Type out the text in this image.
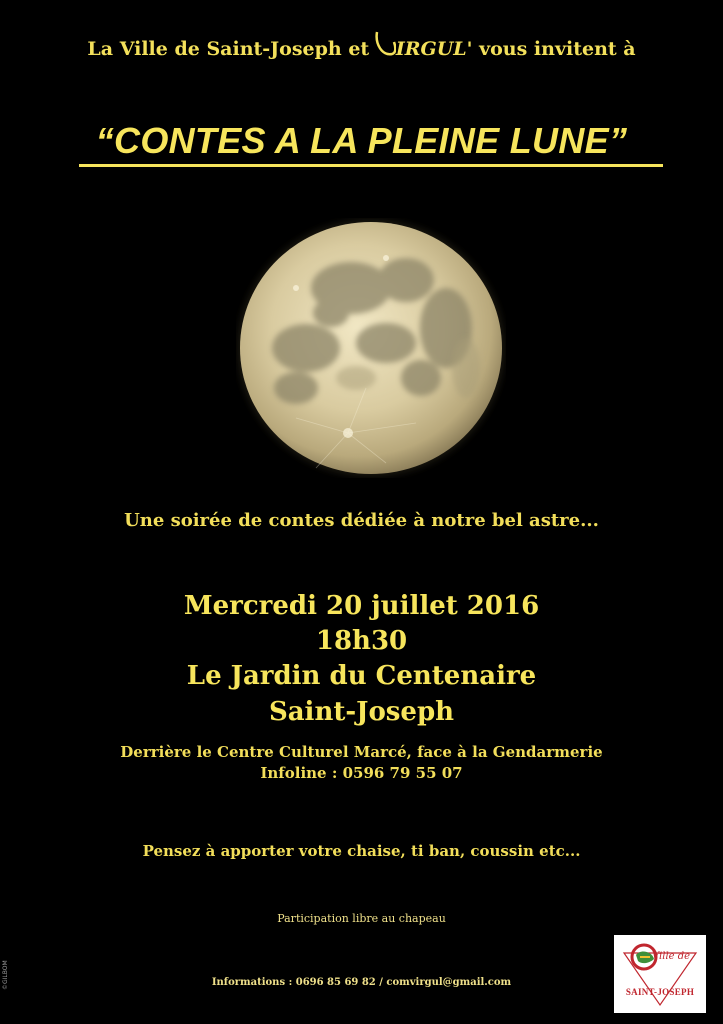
La Ville de Saint-Joseph et
IRGUL' vous invitent à
“CONTES A LA PLEINE LUNE”
Une soirée de contes dédiée à notre bel astre...
Mercredi 20 juillet 2016
18h30
Le Jardin du Centenaire
Saint-Joseph
Derrière le Centre Culturel Marcé, face à la Gendarmerie
Infoline : 0596 79 55 07
Pensez à apporter votre chaise, ti ban, coussin etc...
Participation libre au chapeau
Informations : 0696 85 69 82 / comvirgul@gmail.com
Ville de
SAINT-JOSEPH
©GILBOM
